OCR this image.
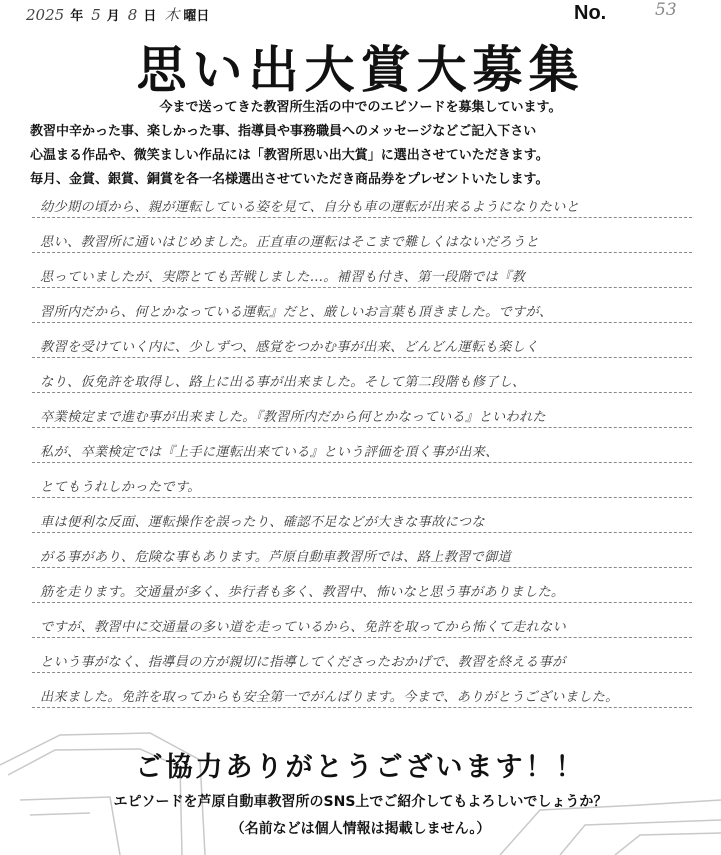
2025 年 5 月 8 日 木 曜日	No.	53
思い出大賞大募集
今まで送ってきた教習所生活の中でのエピソードを募集しています。
教習中辛かった事、楽しかった事、指導員や事務職員へのメッセージなどご記入下さい
心温まる作品や、微笑ましい作品には「教習所思い出大賞」に選出させていただきます。
毎月、金賞、銀賞、銅賞を各一名様選出させていただき商品券をプレゼントいたします。
幼少期の頃から、親が運転している姿を見て、自分も車の運転が出来るようになりたいと
思い、教習所に通いはじめました。正直車の運転はそこまで難しくはないだろうと
思っていましたが、実際とても苦戦しました…。補習も付き、第一段階では『教
習所内だから、何とかなっている運転』だと、厳しいお言葉も頂きました。ですが、
教習を受けていく内に、少しずつ、感覚をつかむ事が出来、どんどん運転も楽しく
なり、仮免許を取得し、路上に出る事が出来ました。そして第二段階も修了し、
卒業検定まで進む事が出来ました。『教習所内だから何とかなっている』といわれた
私が、卒業検定では『上手に運転出来ている』という評価を頂く事が出来、
とてもうれしかったです。
車は便利な反面、運転操作を誤ったり、確認不足などが大きな事故につな
がる事があり、危険な事もあります。芦原自動車教習所では、路上教習で御道
筋を走ります。交通量が多く、歩行者も多く、教習中、怖いなと思う事がありました。
ですが、教習中に交通量の多い道を走っているから、免許を取ってから怖くて走れない
という事がなく、指導員の方が親切に指導してくださったおかげで、教習を終える事が
出来ました。免許を取ってからも安全第一でがんばります。今まで、ありがとうございました。
ご協力ありがとうございます！！
エピソードを芦原自動車教習所のSNS上でご紹介してもよろしいでしょうか？
（名前などは個人情報は掲載しません。）
